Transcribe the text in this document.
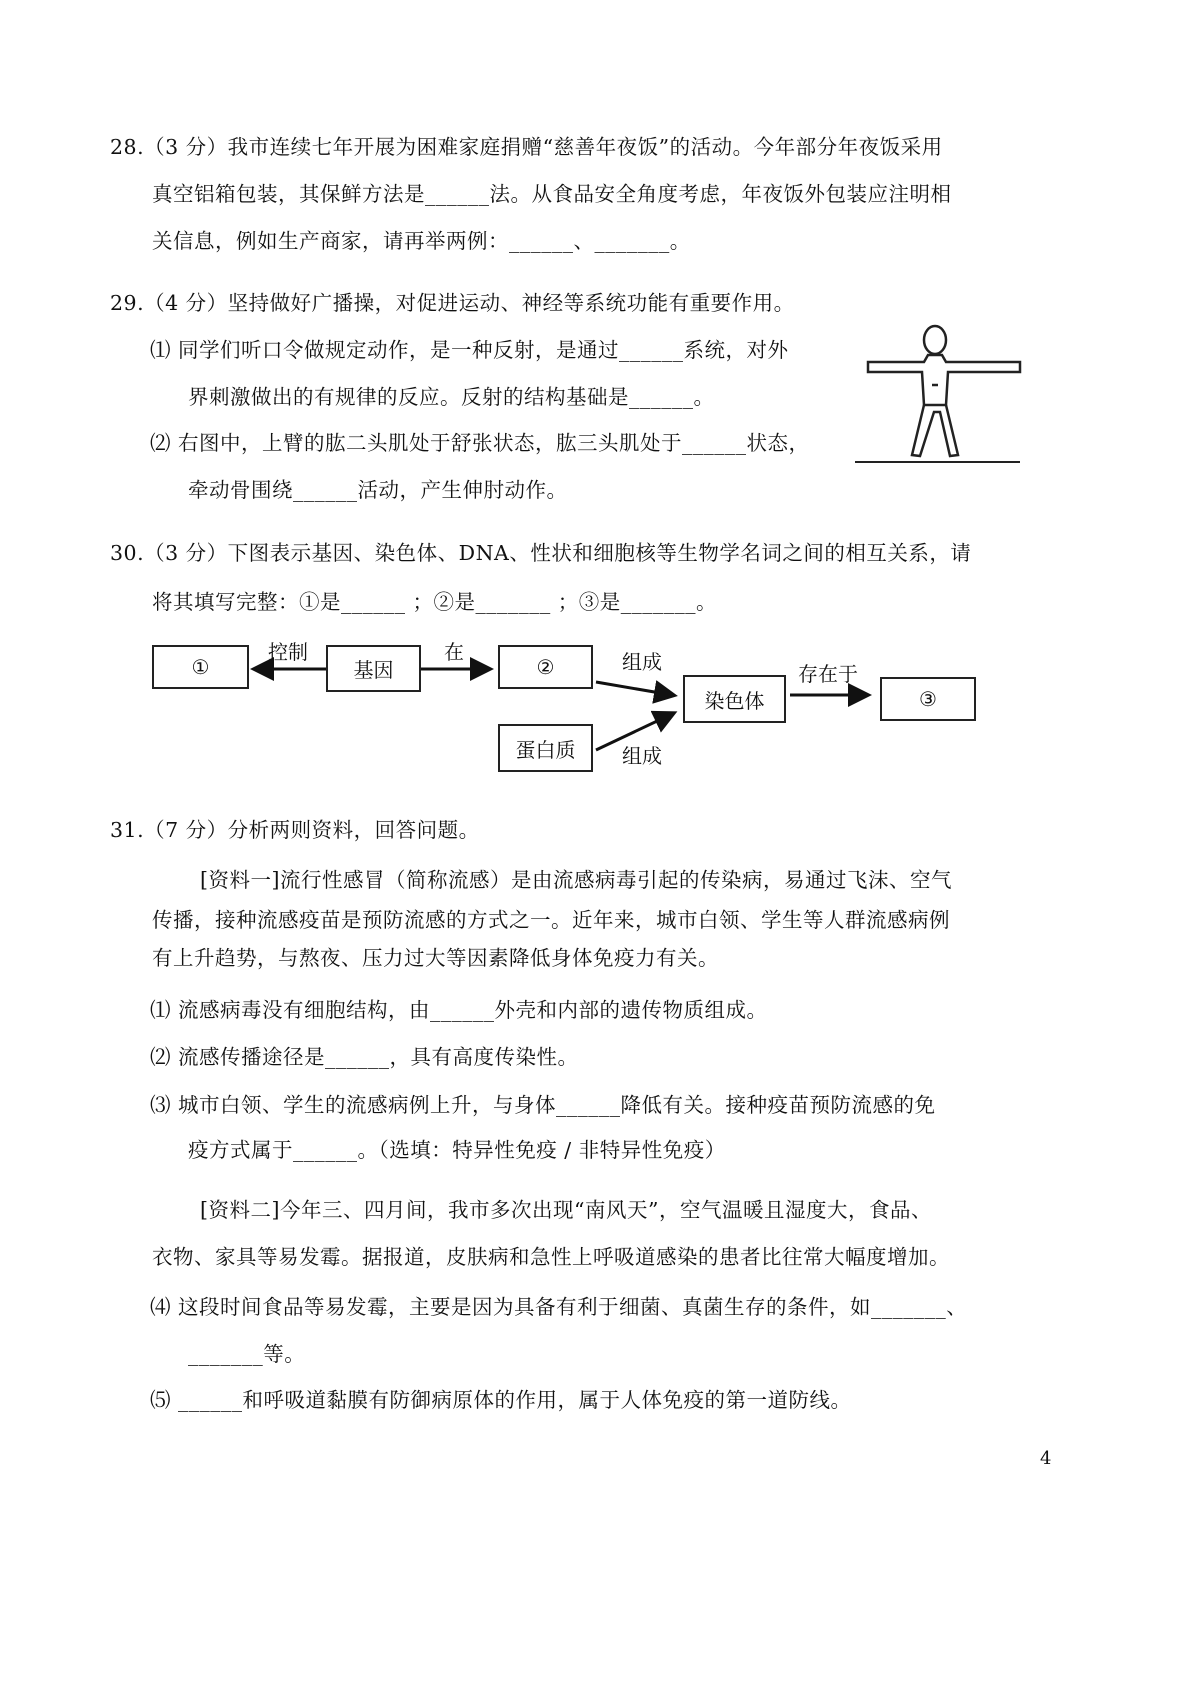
28.（3 分）我市连续七年开展为困难家庭捐赠“慈善年夜饭”的活动。今年部分年夜饭采用
真空铝箱包装，其保鲜方法是______法。从食品安全角度考虑，年夜饭外包装应注明相
关信息，例如生产商家，请再举两例：______、_______。
29.（4 分）坚持做好广播操，对促进运动、神经等系统功能有重要作用。
⑴ 同学们听口令做规定动作，是一种反射，是通过______系统，对外
界刺激做出的有规律的反应。反射的结构基础是______。
⑵ 右图中，上臂的肱二头肌处于舒张状态，肱三头肌处于______状态，
牵动骨围绕______活动，产生伸肘动作。
30.（3 分）下图表示基因、染色体、DNA、性状和细胞核等生物学名词之间的相互关系，请
将其填写完整：①是______ ；②是_______ ；③是_______。
①	基因	②
染色体	③
蛋白质
控制	在	组成	存在于
组成
31.（7 分）分析两则资料，回答问题。
[资料一]流行性感冒（简称流感）是由流感病毒引起的传染病，易通过飞沫、空气
传播，接种流感疫苗是预防流感的方式之一。近年来，城市白领、学生等人群流感病例
有上升趋势，与熬夜、压力过大等因素降低身体免疫力有关。
⑴ 流感病毒没有细胞结构，由______外壳和内部的遗传物质组成。
⑵ 流感传播途径是______，具有高度传染性。
⑶ 城市白领、学生的流感病例上升，与身体______降低有关。接种疫苗预防流感的免
疫方式属于______。（选填：特异性免疫 / 非特异性免疫）
[资料二]今年三、四月间，我市多次出现“南风天”，空气温暖且湿度大，食品、
衣物、家具等易发霉。据报道，皮肤病和急性上呼吸道感染的患者比往常大幅度增加。
⑷ 这段时间食品等易发霉，主要是因为具备有利于细菌、真菌生存的条件，如_______、
_______等。
⑸ ______和呼吸道黏膜有防御病原体的作用，属于人体免疫的第一道防线。
4
